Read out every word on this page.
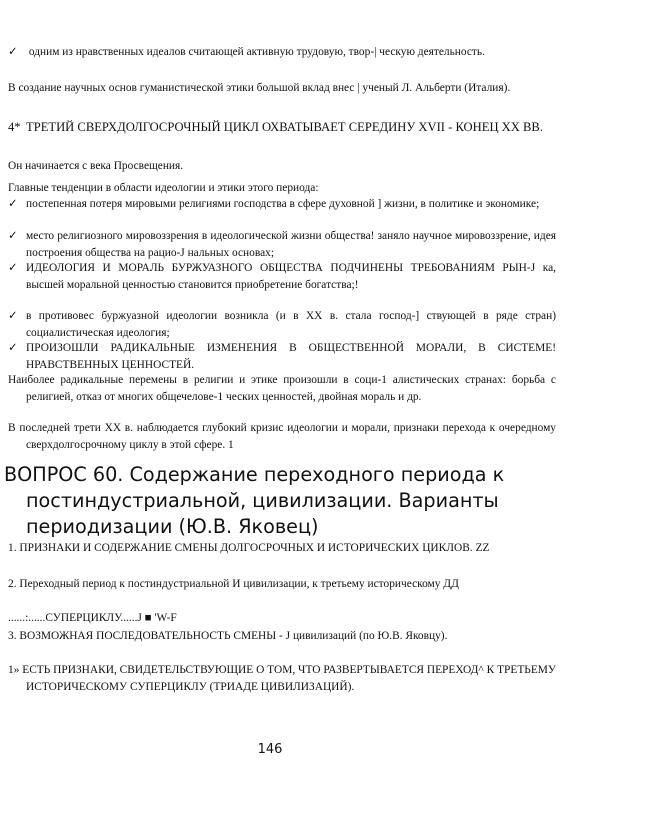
✓ одним из нравственных идеалов считающей активную трудовую, твор-| ческую деятельность.

В создание научных основ гуманистической этики большой вклад внес | ученый Л. Альберти (Италия).

4* ТРЕТИЙ СВЕРХДОЛГОСРОЧНЫЙ ЦИКЛ ОХВАТЫВАЕТ СЕРЕДИНУ XVII - КОНЕЦ XX ВВ.

Он начинается с века Просвещения.

Главные тенденции в области идеологии и этики этого периода:

✓ постепенная потеря мировыми религиями господства в сфере духовной ] жизни, в политике и экономике;

✓ место религиозного мировоззрения в идеологической жизни общества! заняло научное мировоззрение, идея построения общества на рацио-J нальных основах;

✓ ИДЕОЛОГИЯ И МОРАЛЬ БУРЖУАЗНОГО ОБЩЕСТВА ПОДЧИНЕНЫ ТРЕБОВАНИЯМ РЫН-J ка, высшей моральной ценностью становится приобретение богатства;!

✓ в противовес буржуазной идеологии возникла (и в XX в. стала господ-] ствующей в ряде стран) социалистическая идеология;

✓ ПРОИЗОШЛИ РАДИКАЛЬНЫЕ ИЗМЕНЕНИЯ В ОБЩЕСТВЕННОЙ МОРАЛИ, В СИСТЕМЕ! НРАВСТВЕННЫХ ЦЕННОСТЕЙ.

Наиболее радикальные перемены в религии и этике произошли в соци-1 алистических странах: борьба с религией, отказ от многих общечелове-1 ческих ценностей, двойная мораль и др.

В последней трети XX в. наблюдается глубокий кризис идеологии и морали, признаки перехода к очередному сверхдолгосрочному циклу в этой сфере. 1

ВОПРОС 60. Содержание переходного периода к постиндустриальной, цивилизации. Варианты периодизации (Ю.В. Яковец)

1. ПРИЗНАКИ И СОДЕРЖАНИЕ СМЕНЫ ДОЛГОСРОЧНЫХ И ИСТОРИЧЕСКИХ ЦИКЛОВ. ZZ

2. Переходный период к постиндустриальной И цивилизации, к третьему историческому ДД

......:......СУПЕРЦИКЛУ......J ■ 'W-F

3. ВОЗМОЖНАЯ ПОСЛЕДОВАТЕЛЬНОСТЬ СМЕНЫ - J цивилизаций (по Ю.В. Яковцу).

1» ЕСТЬ ПРИЗНАКИ, СВИДЕТЕЛЬСТВУЮЩИЕ О ТОМ, ЧТО РАЗВЕРТЫВАЕТСЯ ПЕРЕХОД^ К ТРЕТЬЕМУ ИСТОРИЧЕСКОМУ СУПЕРЦИКЛУ (ТРИАДЕ ЦИВИЛИЗАЦИЙ).

146
